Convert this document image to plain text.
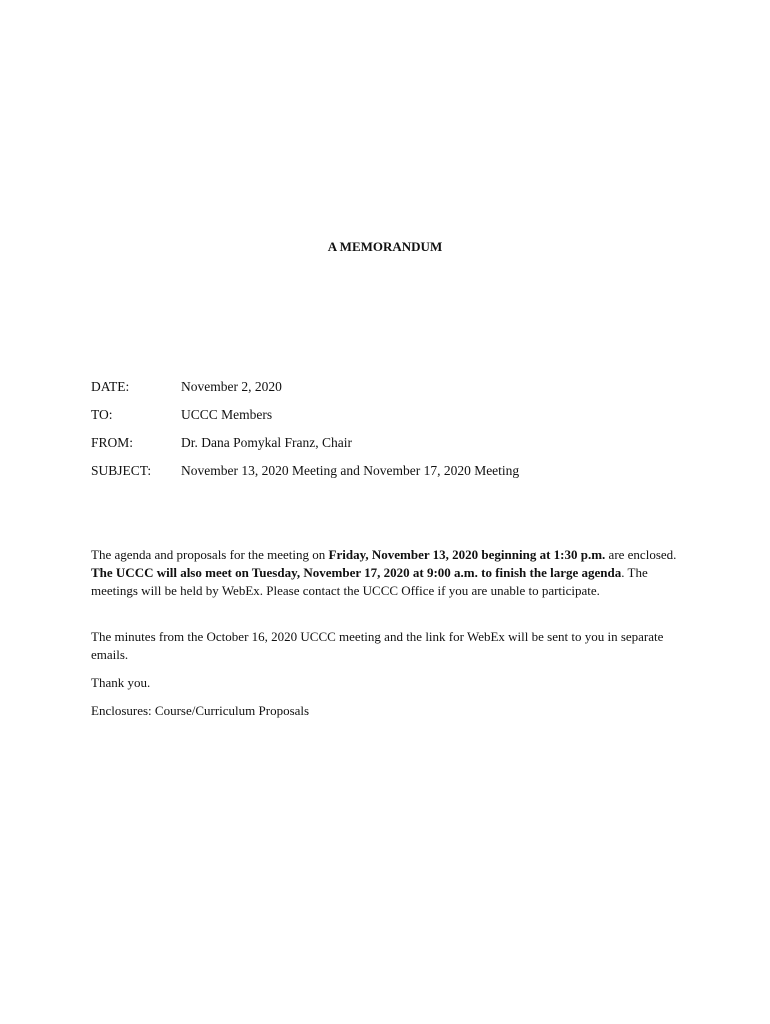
A MEMORANDUM
DATE:	November 2, 2020
TO:	UCCC Members
FROM:	Dr. Dana Pomykal Franz, Chair
SUBJECT: November 13, 2020 Meeting and November 17, 2020 Meeting

The agenda and proposals for the meeting on Friday, November 13, 2020 beginning at 1:30 p.m. are enclosed. The UCCC will also meet on Tuesday, November 17, 2020 at 9:00 a.m. to finish the large agenda. The meetings will be held by WebEx. Please contact the UCCC Office if you are unable to participate.

The minutes from the October 16, 2020 UCCC meeting and the link for WebEx will be sent to you in separate emails.

Thank you.

Enclosures: Course/Curriculum Proposals
